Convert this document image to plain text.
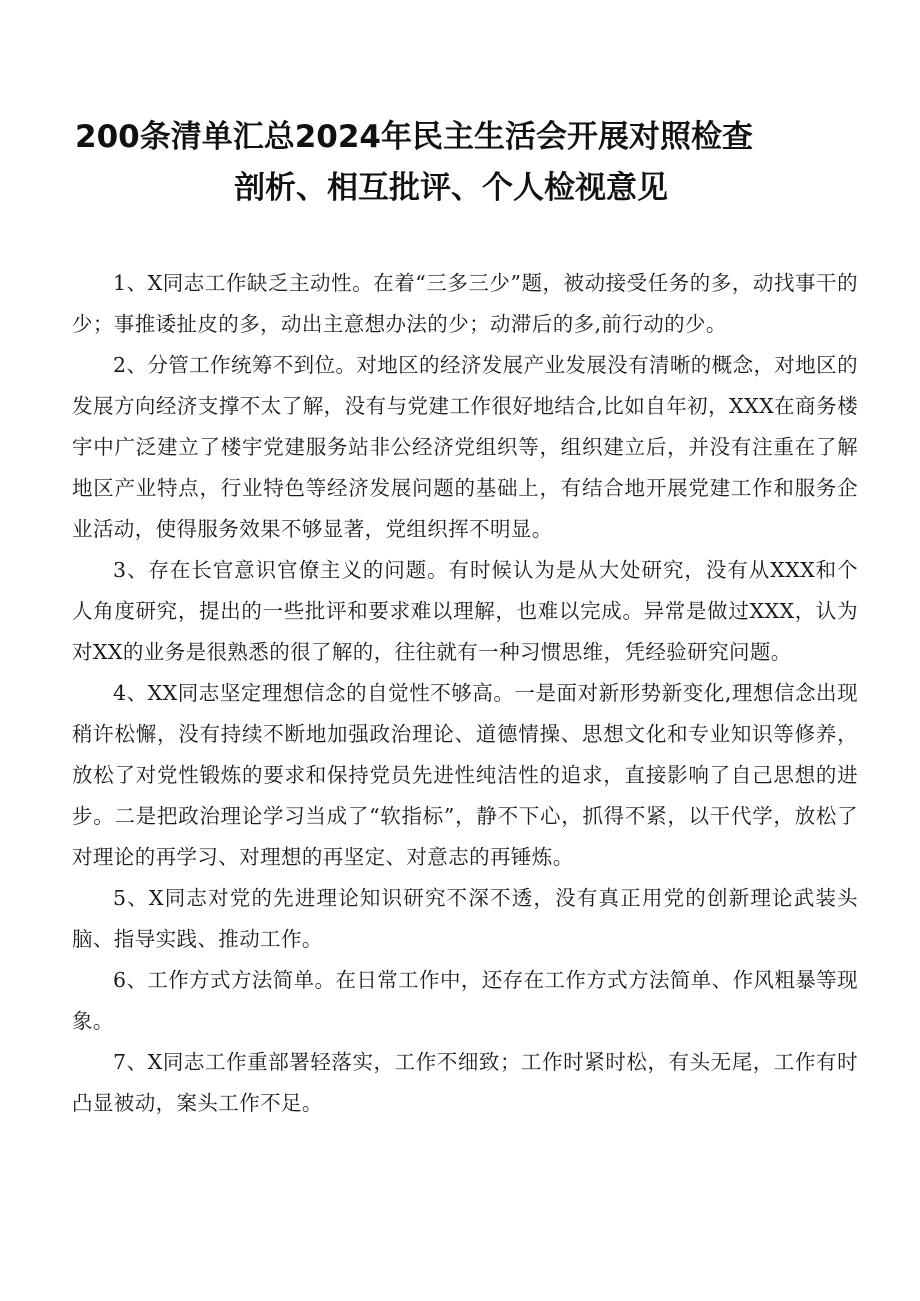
200条清单汇总2024年民主生活会开展对照检查
剖析、相互批评、个人检视意见

1、X同志工作缺乏主动性。在着“三多三少”题，被动接受任务的多，动找事干的少；事推诿扯皮的多，动出主意想办法的少；动滞后的多,前行动的少。

2、分管工作统筹不到位。对地区的经济发展产业发展没有清晰的概念，对地区的发展方向经济支撑不太了解，没有与党建工作很好地结合,比如自年初，XXX在商务楼宇中广泛建立了楼宇党建服务站非公经济党组织等，组织建立后，并没有注重在了解地区产业特点，行业特色等经济发展问题的基础上，有结合地开展党建工作和服务企业活动，使得服务效果不够显著，党组织挥不明显。

3、存在长官意识官僚主义的问题。有时候认为是从大处研究，没有从XXX和个人角度研究，提出的一些批评和要求难以理解，也难以完成。异常是做过XXX，认为对XX的业务是很熟悉的很了解的，往往就有一种习惯思维，凭经验研究问题。

4、XX同志坚定理想信念的自觉性不够高。一是面对新形势新变化,理想信念出现稍许松懈，没有持续不断地加强政治理论、道德情操、思想文化和专业知识等修养，放松了对党性锻炼的要求和保持党员先进性纯洁性的追求，直接影响了自己思想的进步。二是把政治理论学习当成了“软指标”，静不下心，抓得不紧，以干代学，放松了对理论的再学习、对理想的再坚定、对意志的再锤炼。

5、X同志对党的先进理论知识研究不深不透，没有真正用党的创新理论武装头脑、指导实践、推动工作。

6、工作方式方法简单。在日常工作中，还存在工作方式方法简单、作风粗暴等现象。

7、X同志工作重部署轻落实，工作不细致；工作时紧时松，有头无尾，工作有时凸显被动，案头工作不足。
